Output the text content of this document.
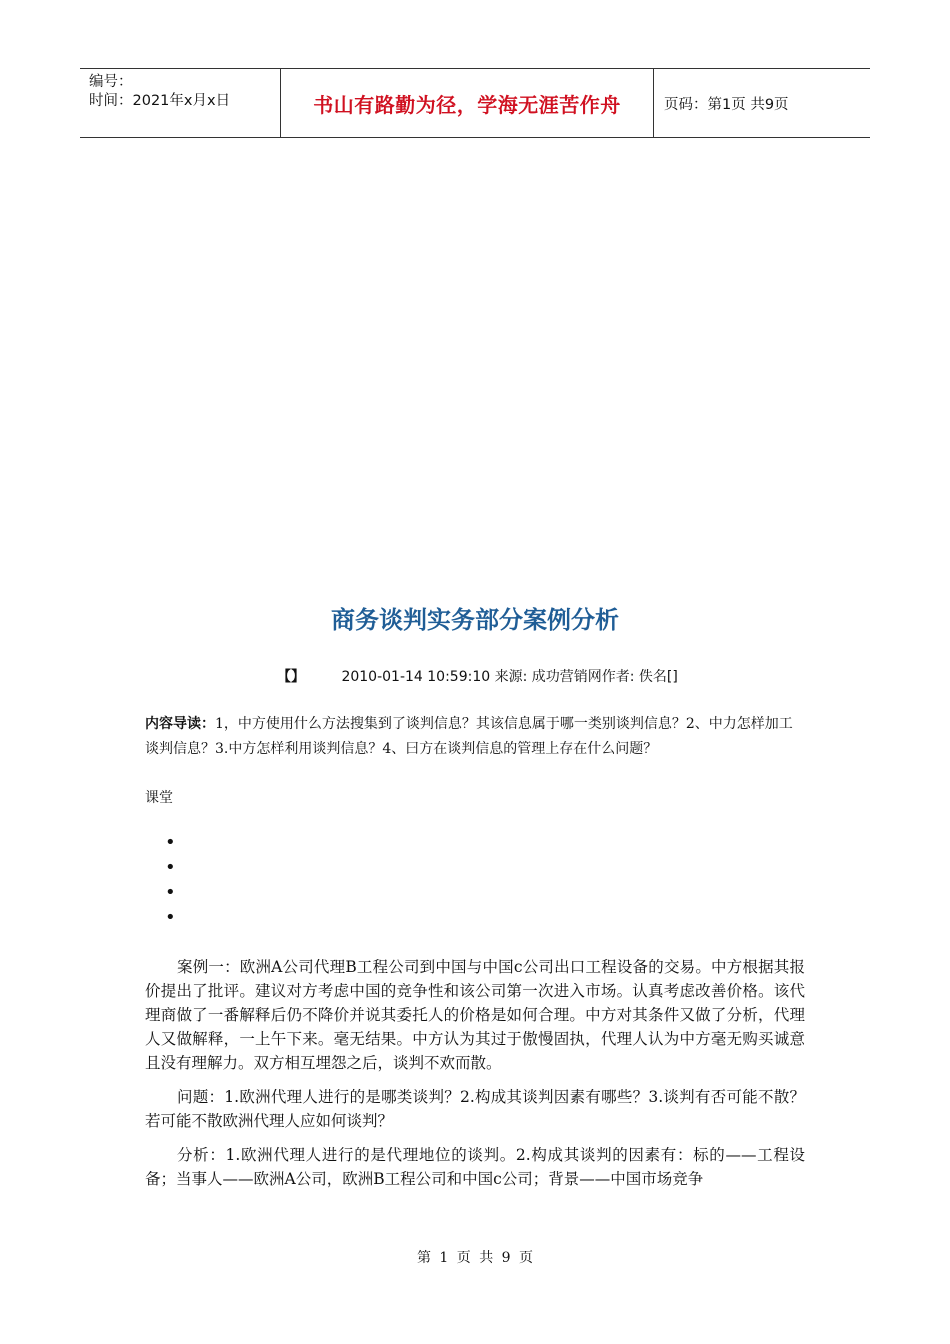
编号：
时间：2021年x月x日	书山有路勤为径，学海无涯苦作舟	页码：第1页 共9页
商务谈判实务部分案例分析
【】	2010-01-14 10:59:10 来源: 成功营销网作者: 佚名[]
内容导读：1，中方使用什么方法搜集到了谈判信息？其该信息属于哪一类别谈判信息？2、中力怎样加工谈判信息？3.中方怎样利用谈判信息？4、曰方在谈判信息的管理上存在什么问题？
课堂

案例一：欧洲A公司代理B工程公司到中国与中国c公司出口工程设备的交易。中方根据其报价提出了批评。建议对方考虑中国的竞争性和该公司第一次进入市场。认真考虑改善价格。该代理商做了一番解释后仍不降价并说其委托人的价格是如何合理。中方对其条件又做了分析，代理人又做解释，一上午下来。毫无结果。中方认为其过于傲慢固执，代理人认为中方毫无购买诚意且没有理解力。双方相互埋怨之后，谈判不欢而散。

问题：1.欧洲代理人进行的是哪类谈判？2.构成其谈判因素有哪些？3.谈判有否可能不散？若可能不散欧洲代理人应如何谈判？

分析：1.欧洲代理人进行的是代理地位的谈判。2.构成其谈判的因素有：标的——工程设备；当事人——欧洲A公司，欧洲B工程公司和中国c公司；背景——中国市场竞争

第 1 页 共 9 页
